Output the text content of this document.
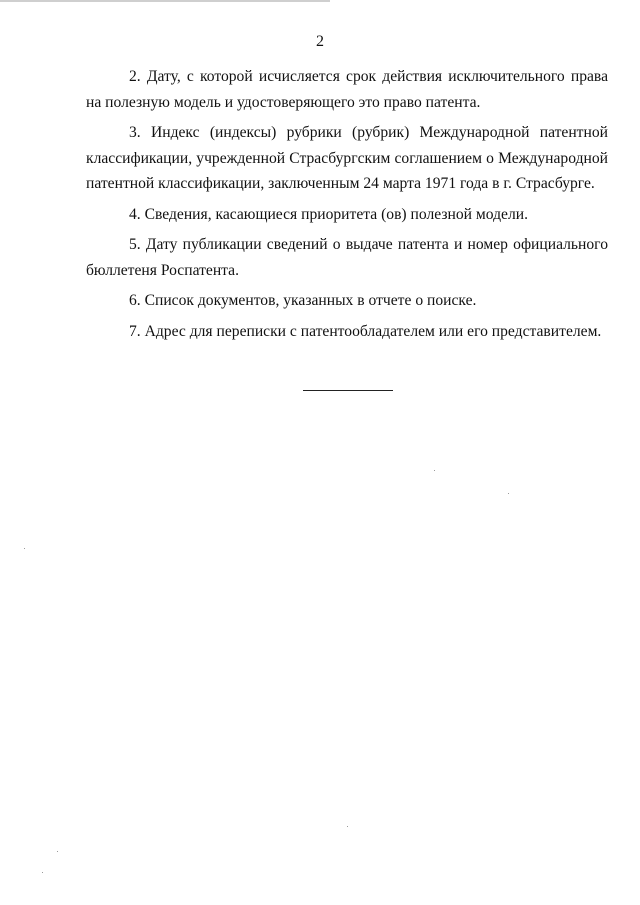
2

2. Дату, с которой исчисляется срок действия исключительного права на полезную модель и удостоверяющего это право патента.

3. Индекс (индексы) рубрики (рубрик) Международной патентной классификации, учрежденной Страсбургским соглашением о Международной патентной классификации, заключенным 24 марта 1971 года в г. Страсбурге.

4. Сведения, касающиеся приоритета (ов) полезной модели.

5. Дату публикации сведений о выдаче патента и номер официального бюллетеня Роспатента.

6. Список документов, указанных в отчете о поиске.

7. Адрес для переписки с патентообладателем или его представителем.
